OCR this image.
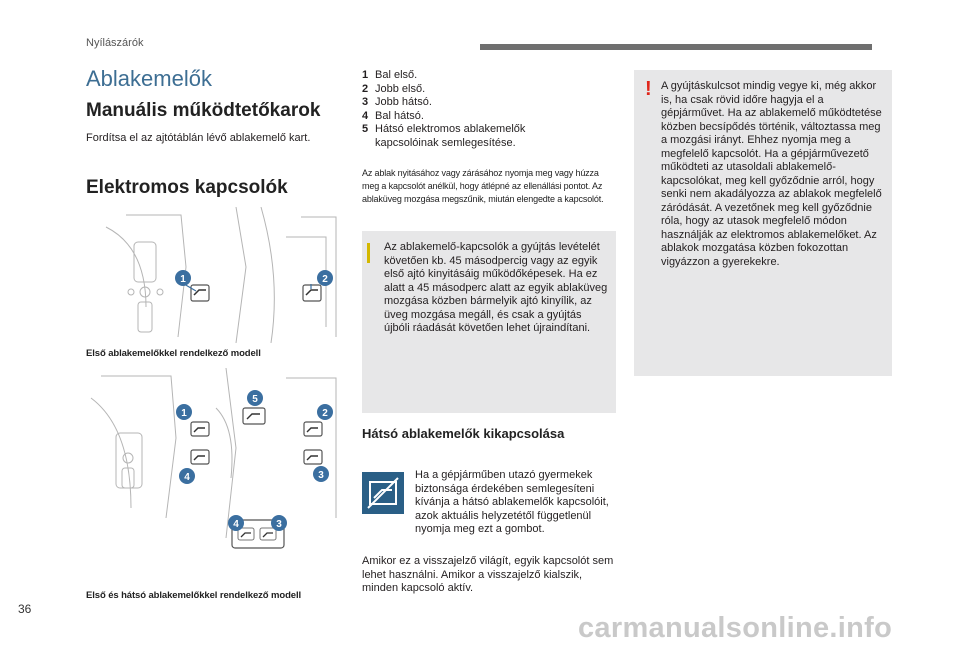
Nyílászárók
Ablakemelők
Manuális működtetőkarok
Fordítsa el az ajtótáblán lévő ablakemelő kart.
Elektromos kapcsolók
1	2
Első ablakemelőkkel rendelkező modell
5
1	2
4	3
4	3
Első és hátsó ablakemelőkkel rendelkező modell
1 Bal első.
2 Jobb első.
3 Jobb hátsó.
4 Bal hátsó.
5 Hátsó elektromos ablakemelők kapcsolóinak semlegesítése.
Az ablak nyitásához vagy zárásához nyomja meg vagy húzza meg a kapcsolót anélkül, hogy átlépné az ellenállási pontot. Az ablaküveg mozgása megszűnik, miután elengedte a kapcsolót.
Az ablakemelő-kapcsolók a gyújtás levételét követően kb. 45 másodpercig vagy az egyik első ajtó kinyitásáig működőképesek. Ha ez alatt a 45 másodperc alatt az egyik ablaküveg mozgása közben bármelyik ajtó kinyílik, az üveg mozgása megáll, és csak a gyújtás újbóli ráadását követően lehet újraindítani.
Hátsó ablakemelők kikapcsolása
Ha a gépjárműben utazó gyermekek biztonsága érdekében semlegesíteni kívánja a hátsó ablakemelők kapcsolóit, azok aktuális helyzetétől függetlenül nyomja meg ezt a gombot.
Amikor ez a visszajelző világít, egyik kapcsolót sem lehet használni. Amikor a visszajelző kialszik, minden kapcsoló aktív.
! A gyújtáskulcsot mindig vegye ki, még akkor is, ha csak rövid időre hagyja el a gépjárművet. Ha az ablakemelő működtetése közben becsípődés történik, változtassa meg a mozgási irányt. Ehhez nyomja meg a megfelelő kapcsolót. Ha a gépjárművezető működteti az utasoldali ablakemelő-kapcsolókat, meg kell győződnie arról, hogy senki nem akadályozza az ablakok megfelelő záródását. A vezetőnek meg kell győződnie róla, hogy az utasok megfelelő módon használják az elektromos ablakemelőket. Az ablakok mozgatása közben fokozottan vigyázzon a gyerekekre.
36
carmanualsonline.info
